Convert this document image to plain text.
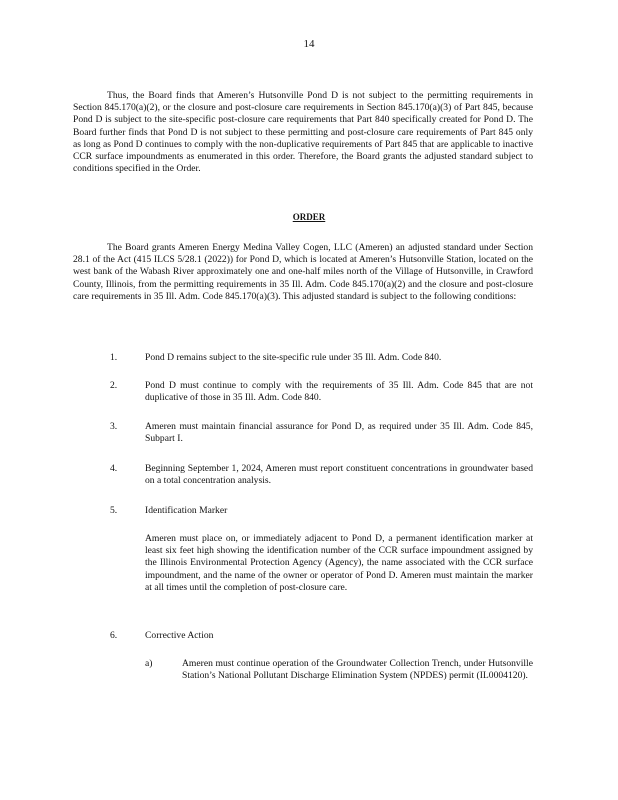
14

Thus, the Board finds that Ameren’s Hutsonville Pond D is not subject to the permitting requirements in Section 845.170(a)(2), or the closure and post-closure care requirements in Section 845.170(a)(3) of Part 845, because Pond D is subject to the site-specific post-closure care requirements that Part 840 specifically created for Pond D. The Board further finds that Pond D is not subject to these permitting and post-closure care requirements of Part 845 only as long as Pond D continues to comply with the non-duplicative requirements of Part 845 that are applicable to inactive CCR surface impoundments as enumerated in this order. Therefore, the Board grants the adjusted standard subject to conditions specified in the Order.

ORDER

The Board grants Ameren Energy Medina Valley Cogen, LLC (Ameren) an adjusted standard under Section 28.1 of the Act (415 ILCS 5/28.1 (2022)) for Pond D, which is located at Ameren’s Hutsonville Station, located on the west bank of the Wabash River approximately one and one-half miles north of the Village of Hutsonville, in Crawford County, Illinois, from the permitting requirements in 35 Ill. Adm. Code 845.170(a)(2) and the closure and post-closure care requirements in 35 Ill. Adm. Code 845.170(a)(3). This adjusted standard is subject to the following conditions:

1.	Pond D remains subject to the site-specific rule under 35 Ill. Adm. Code 840.
2.	Pond D must continue to comply with the requirements of 35 Ill. Adm. Code 845 that are not duplicative of those in 35 Ill. Adm. Code 840.
3.	Ameren must maintain financial assurance for Pond D, as required under 35 Ill. Adm. Code 845, Subpart I.
4.	Beginning September 1, 2024, Ameren must report constituent concentrations in groundwater based on a total concentration analysis.
5.	Identification Marker

Ameren must place on, or immediately adjacent to Pond D, a permanent identification marker at least six feet high showing the identification number of the CCR surface impoundment assigned by the Illinois Environmental Protection Agency (Agency), the name associated with the CCR surface impoundment, and the name of the owner or operator of Pond D. Ameren must maintain the marker at all times until the completion of post-closure care.

6.	Corrective Action
a)	Ameren must continue operation of the Groundwater Collection Trench, under Hutsonville Station’s National Pollutant Discharge Elimination System (NPDES) permit (IL0004120).
